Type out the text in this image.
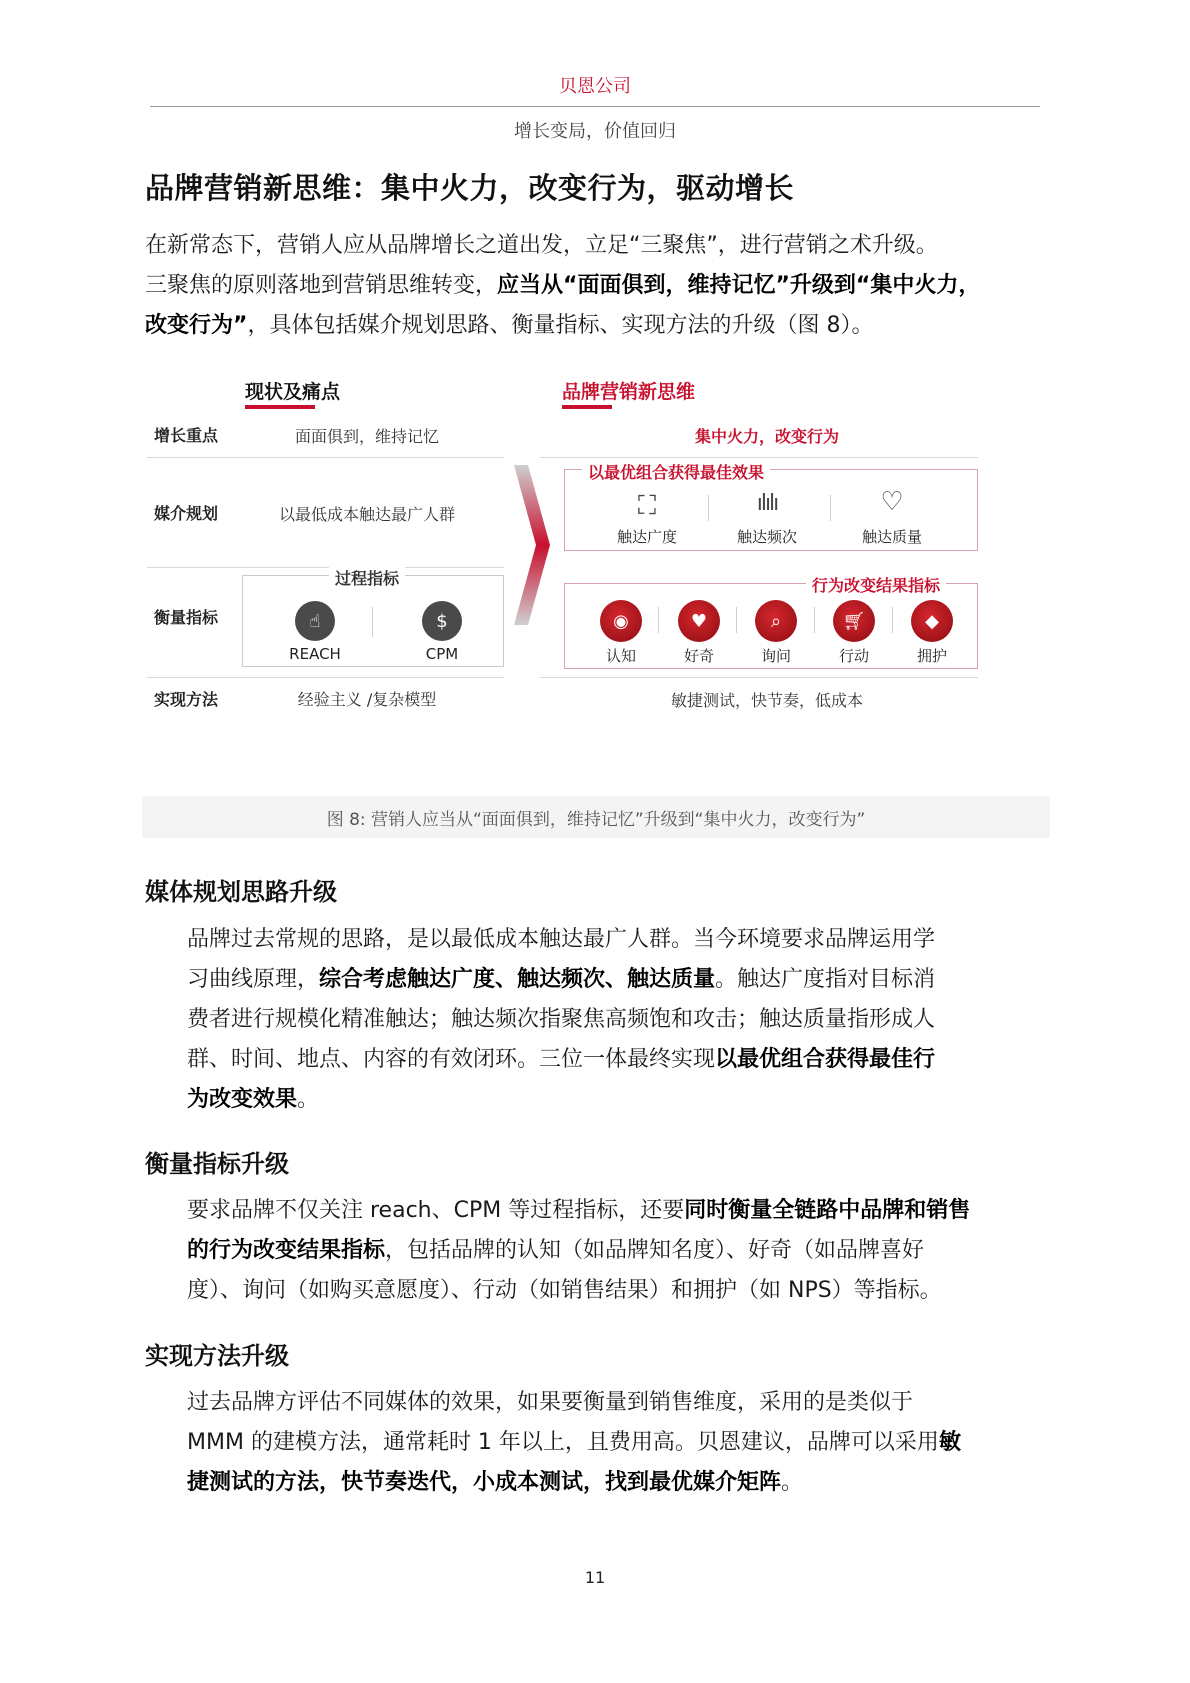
贝恩公司
增长变局，价值回归
品牌营销新思维：集中火力，改变行为，驱动增长
在新常态下，营销人应从品牌增长之道出发，立足“三聚焦”，进行营销之术升级。
三聚焦的原则落地到营销思维转变，应当从“面面俱到，维持记忆”升级到“集中火力，
改变行为”，具体包括媒介规划思路、衡量指标、实现方法的升级（图 8）。
现状及痛点	品牌营销新思维
增长重点
媒介规划
衡量指标
实现方法
面面俱到，维持记忆
以最低成本触达最广人群
过程指标
☝
REACH
$
CPM
经验主义 /复杂模型
集中火力，改变行为
以最优组合获得最佳效果
⛶
触达广度
ılılı
触达频次
♡
触达质量
行为改变结果指标
◉
认知
♥
好奇
⌕
询问
🛒︎
行动
◆
拥护
敏捷测试，快节奏，低成本
图 8: 营销人应当从“面面俱到，维持记忆”升级到“集中火力，改变行为”
媒体规划思路升级
品牌过去常规的思路，是以最低成本触达最广人群。当今环境要求品牌运用学
习曲线原理，综合考虑触达广度、触达频次、触达质量。触达广度指对目标消
费者进行规模化精准触达；触达频次指聚焦高频饱和攻击；触达质量指形成人
群、时间、地点、内容的有效闭环。三位一体最终实现以最优组合获得最佳行
为改变效果。
衡量指标升级
要求品牌不仅关注 reach、CPM 等过程指标，还要同时衡量全链路中品牌和销售
的行为改变结果指标，包括品牌的认知（如品牌知名度）、好奇（如品牌喜好
度）、询问（如购买意愿度）、行动（如销售结果）和拥护（如 NPS）等指标。
实现方法升级
过去品牌方评估不同媒体的效果，如果要衡量到销售维度，采用的是类似于
MMM 的建模方法，通常耗时 1 年以上，且费用高。贝恩建议，品牌可以采用敏
捷测试的方法，快节奏迭代，小成本测试，找到最优媒介矩阵。
11
